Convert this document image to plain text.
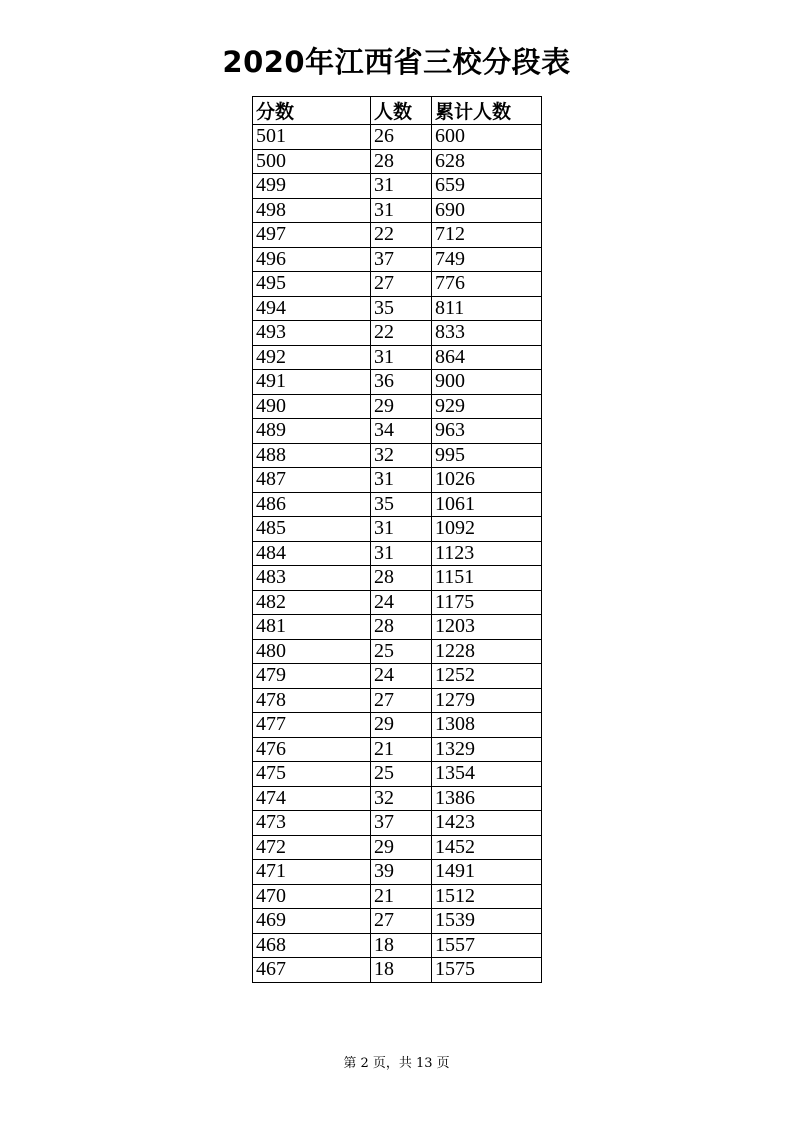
2020年江西省三校分段表
分数	人数	累计人数
501	26	600
500	28	628
499	31	659
498	31	690
497	22	712
496	37	749
495	27	776
494	35	811
493	22	833
492	31	864
491	36	900
490	29	929
489	34	963
488	32	995
487	31	1026
486	35	1061
485	31	1092
484	31	1123
483	28	1151
482	24	1175
481	28	1203
480	25	1228
479	24	1252
478	27	1279
477	29	1308
476	21	1329
475	25	1354
474	32	1386
473	37	1423
472	29	1452
471	39	1491
470	21	1512
469	27	1539
468	18	1557
467	18	1575
第 2 页，共 13 页
